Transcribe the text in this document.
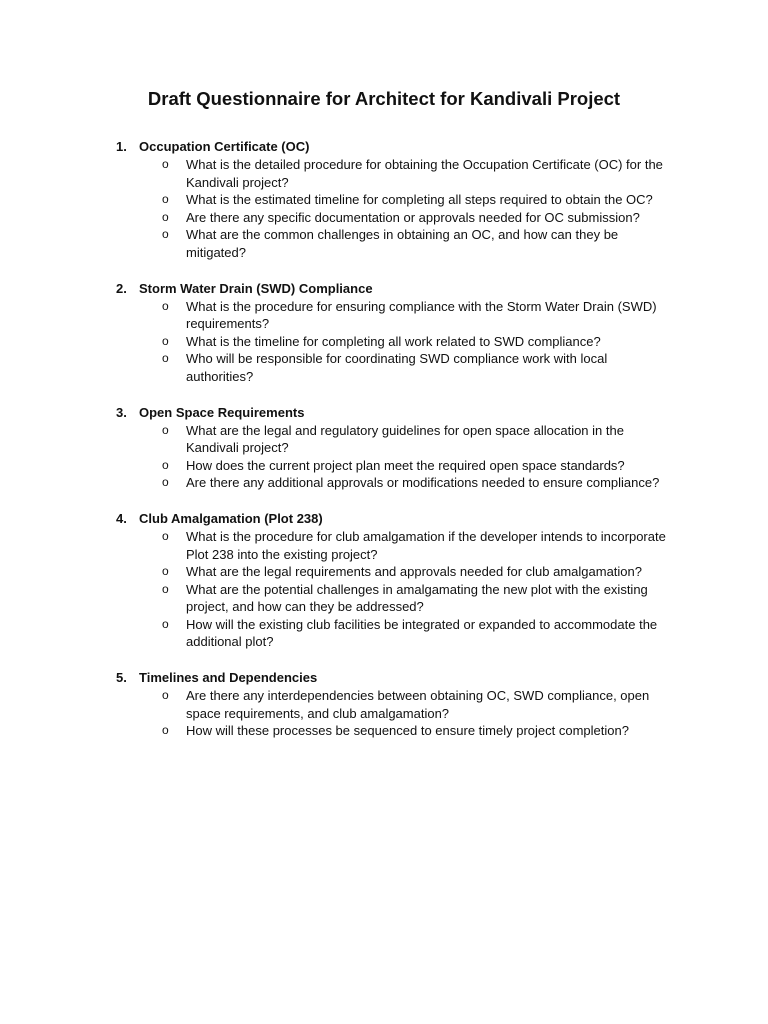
Draft Questionnaire for Architect for Kandivali Project
1. Occupation Certificate (OC)
o What is the detailed procedure for obtaining the Occupation Certificate (OC) for the Kandivali project?
o What is the estimated timeline for completing all steps required to obtain the OC?
o Are there any specific documentation or approvals needed for OC submission?
o What are the common challenges in obtaining an OC, and how can they be mitigated?
2. Storm Water Drain (SWD) Compliance
o What is the procedure for ensuring compliance with the Storm Water Drain (SWD) requirements?
o What is the timeline for completing all work related to SWD compliance?
o Who will be responsible for coordinating SWD compliance work with local authorities?
3. Open Space Requirements
o What are the legal and regulatory guidelines for open space allocation in the Kandivali project?
o How does the current project plan meet the required open space standards?
o Are there any additional approvals or modifications needed to ensure compliance?
4. Club Amalgamation (Plot 238)
o What is the procedure for club amalgamation if the developer intends to incorporate Plot 238 into the existing project?
o What are the legal requirements and approvals needed for club amalgamation?
o What are the potential challenges in amalgamating the new plot with the existing project, and how can they be addressed?
o How will the existing club facilities be integrated or expanded to accommodate the additional plot?
5. Timelines and Dependencies
o Are there any interdependencies between obtaining OC, SWD compliance, open space requirements, and club amalgamation?
o How will these processes be sequenced to ensure timely project completion?
